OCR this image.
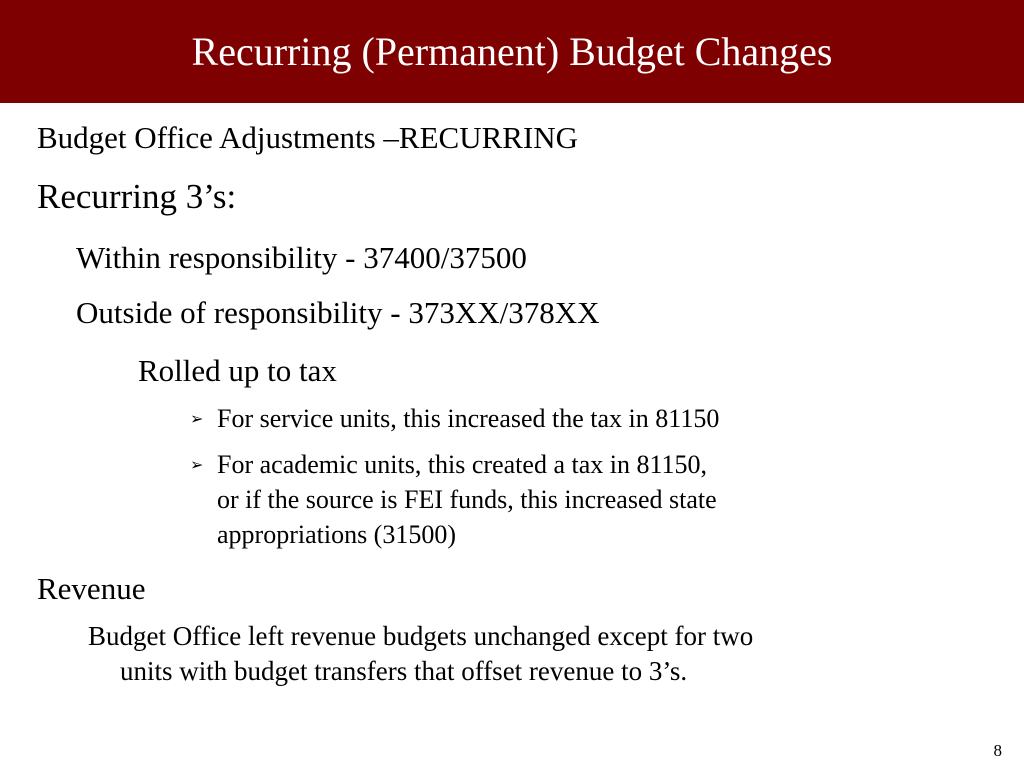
Recurring (Permanent) Budget Changes
Budget Office Adjustments –RECURRING
Recurring 3’s:
Within responsibility - 37400/37500
Outside of responsibility - 373XX/378XX
Rolled up to tax
➢ For service units, this increased the tax in 81150
➢ For academic units, this created a tax in 81150,
or if the source is FEI funds, this increased state
appropriations (31500)
Revenue
Budget Office left revenue budgets unchanged except for two
units with budget transfers that offset revenue to 3’s.
8
